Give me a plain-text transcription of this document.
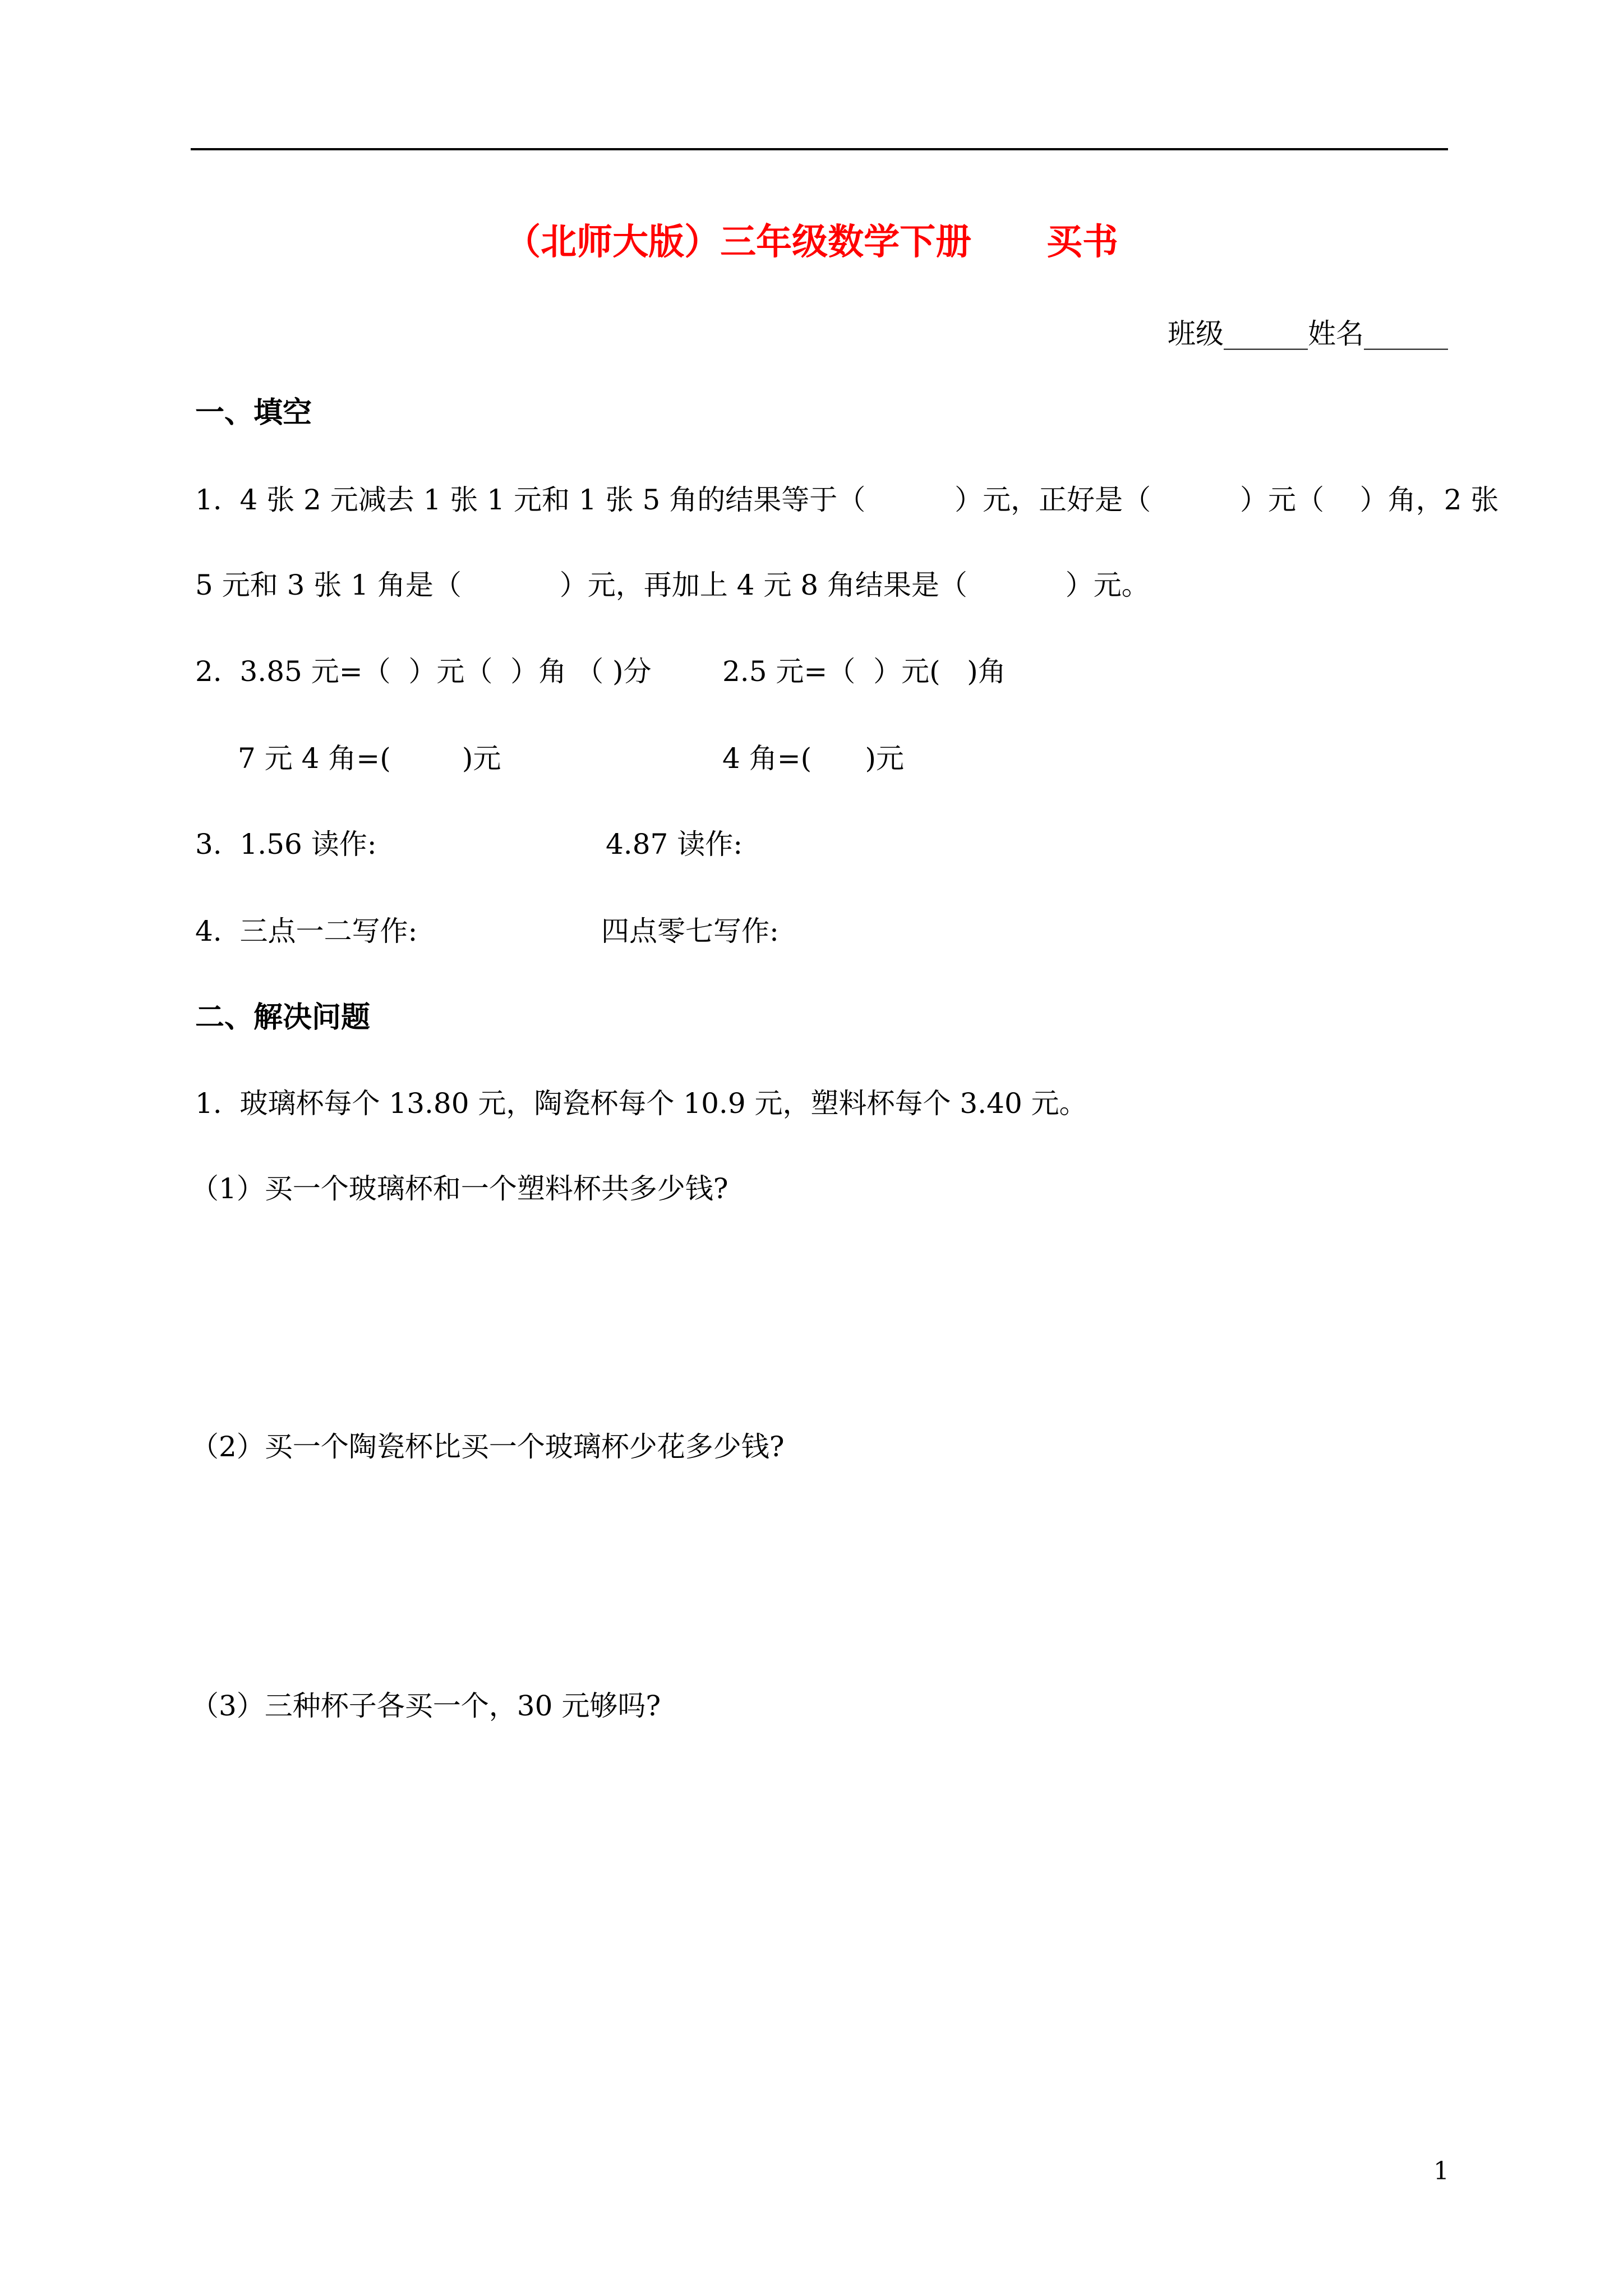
（北师大版）三年级数学下册      买书
班级______姓名______
一、填空
1.  4 张 2 元减去 1 张 1 元和 1 张 5 角的结果等于（          ）元，正好是（          ）元（    ）角，2 张
5 元和 3 张 1 角是（           ）元，再加上 4 元 8 角结果是（           ）元。
2.  3.85 元=（  ）元（  ）角 （ )分	2.5 元=（  ）元(   )角
7 元 4 角=(        )元	4 角=(      )元
3.  1.56 读作:	4.87 读作:
4.  三点一二写作:	四点零七写作:
二、解决问题
1.  玻璃杯每个 13.80 元，陶瓷杯每个 10.9 元，塑料杯每个 3.40 元。
（1）买一个玻璃杯和一个塑料杯共多少钱?
（2）买一个陶瓷杯比买一个玻璃杯少花多少钱?
（3）三种杯子各买一个，30 元够吗?
1
